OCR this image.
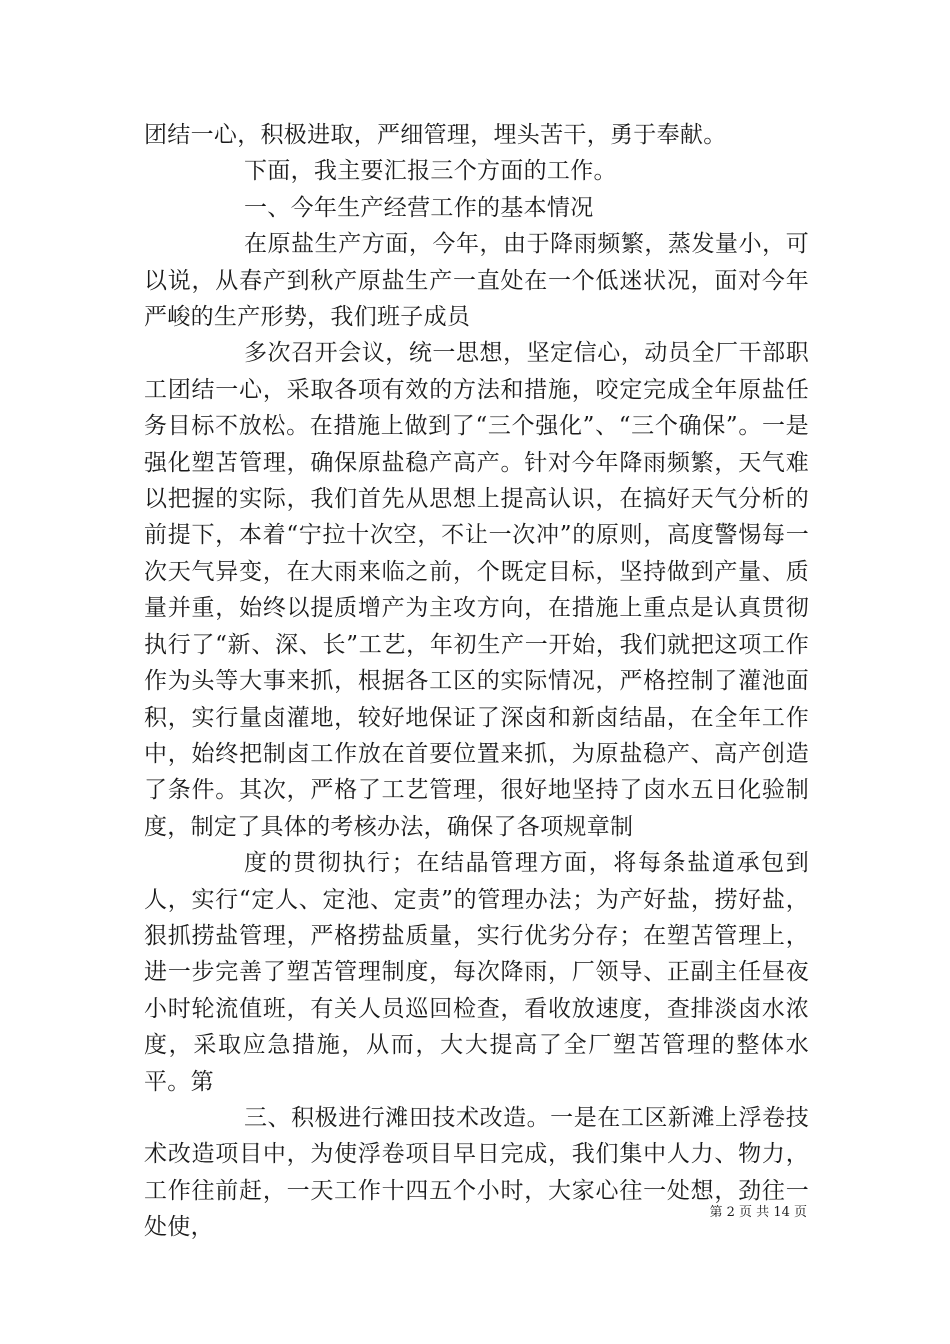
团结一心，积极进取，严细管理，埋头苦干，勇于奉献。

下面，我主要汇报三个方面的工作。

一、今年生产经营工作的基本情况

在原盐生产方面，今年，由于降雨频繁，蒸发量小，可以说，从春产到秋产原盐生产一直处在一个低迷状况，面对今年严峻的生产形势，我们班子成员

多次召开会议，统一思想，坚定信心，动员全厂干部职工团结一心，采取各项有效的方法和措施，咬定完成全年原盐任务目标不放松。在措施上做到了“三个强化”、“三个确保”。一是强化塑苫管理，确保原盐稳产高产。针对今年降雨频繁，天气难以把握的实际，我们首先从思想上提高认识，在搞好天气分析的前提下，本着“宁拉十次空，不让一次冲”的原则，高度警惕每一次天气异变，在大雨来临之前，个既定目标，坚持做到产量、质量并重，始终以提质增产为主攻方向，在措施上重点是认真贯彻执行了“新、深、长”工艺，年初生产一开始，我们就把这项工作作为头等大事来抓，根据各工区的实际情况，严格控制了灌池面积，实行量卤灌地，较好地保证了深卤和新卤结晶，在全年工作中，始终把制卤工作放在首要位置来抓，为原盐稳产、高产创造了条件。其次，严格了工艺管理，很好地坚持了卤水五日化验制度，制定了具体的考核办法，确保了各项规章制

度的贯彻执行；在结晶管理方面，将每条盐道承包到人，实行“定人、定池、定责”的管理办法；为产好盐，捞好盐，狠抓捞盐管理，严格捞盐质量，实行优劣分存；在塑苫管理上，进一步完善了塑苫管理制度，每次降雨，厂领导、正副主任昼夜小时轮流值班，有关人员巡回检查，看收放速度，查排淡卤水浓度，采取应急措施，从而，大大提高了全厂塑苫管理的整体水平。第

三、积极进行滩田技术改造。一是在工区新滩上浮卷技术改造项目中，为使浮卷项目早日完成，我们集中人力、物力，工作往前赶，一天工作十四五个小时，大家心往一处想，劲往一处使，

第 2 页 共 14 页
